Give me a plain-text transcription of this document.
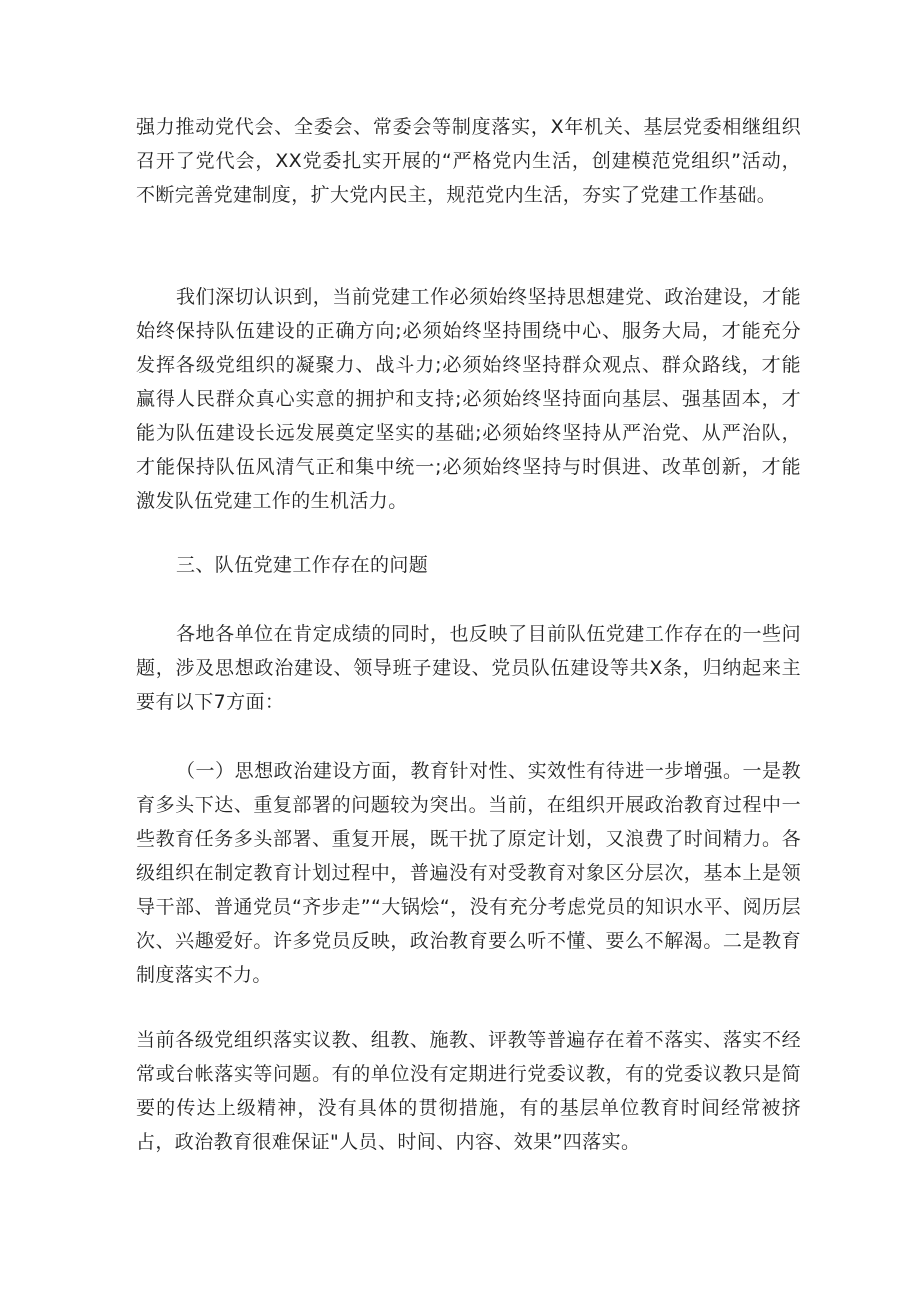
强力推动党代会、全委会、常委会等制度落实，X年机关、基层党委相继组织召开了党代会，XX党委扎实开展的“严格党内生活，创建模范党组织”活动，不断完善党建制度，扩大党内民主，规范党内生活，夯实了党建工作基础。

我们深切认识到，当前党建工作必须始终坚持思想建党、政治建设，才能始终保持队伍建设的正确方向;必须始终坚持围绕中心、服务大局，才能充分发挥各级党组织的凝聚力、战斗力;必须始终坚持群众观点、群众路线，才能赢得人民群众真心实意的拥护和支持;必须始终坚持面向基层、强基固本，才能为队伍建设长远发展奠定坚实的基础;必须始终坚持从严治党、从严治队，才能保持队伍风清气正和集中统一;必须始终坚持与时俱进、改革创新，才能激发队伍党建工作的生机活力。

三、队伍党建工作存在的问题

各地各单位在肯定成绩的同时，也反映了目前队伍党建工作存在的一些问题，涉及思想政治建设、领导班子建设、党员队伍建设等共X条，归纳起来主要有以下7方面：

（一）思想政治建设方面，教育针对性、实效性有待进一步增强。一是教育多头下达、重复部署的问题较为突出。当前，在组织开展政治教育过程中一些教育任务多头部署、重复开展，既干扰了原定计划，又浪费了时间精力。各级组织在制定教育计划过程中，普遍没有对受教育对象区分层次，基本上是领导干部、普通党员“齐步走”“大锅烩“，没有充分考虑党员的知识水平、阅历层次、兴趣爱好。许多党员反映，政治教育要么听不懂、要么不解渴。二是教育制度落实不力。

当前各级党组织落实议教、组教、施教、评教等普遍存在着不落实、落实不经常或台帐落实等问题。有的单位没有定期进行党委议教，有的党委议教只是简要的传达上级精神，没有具体的贯彻措施，有的基层单位教育时间经常被挤占，政治教育很难保证"人员、时间、内容、效果”四落实。
